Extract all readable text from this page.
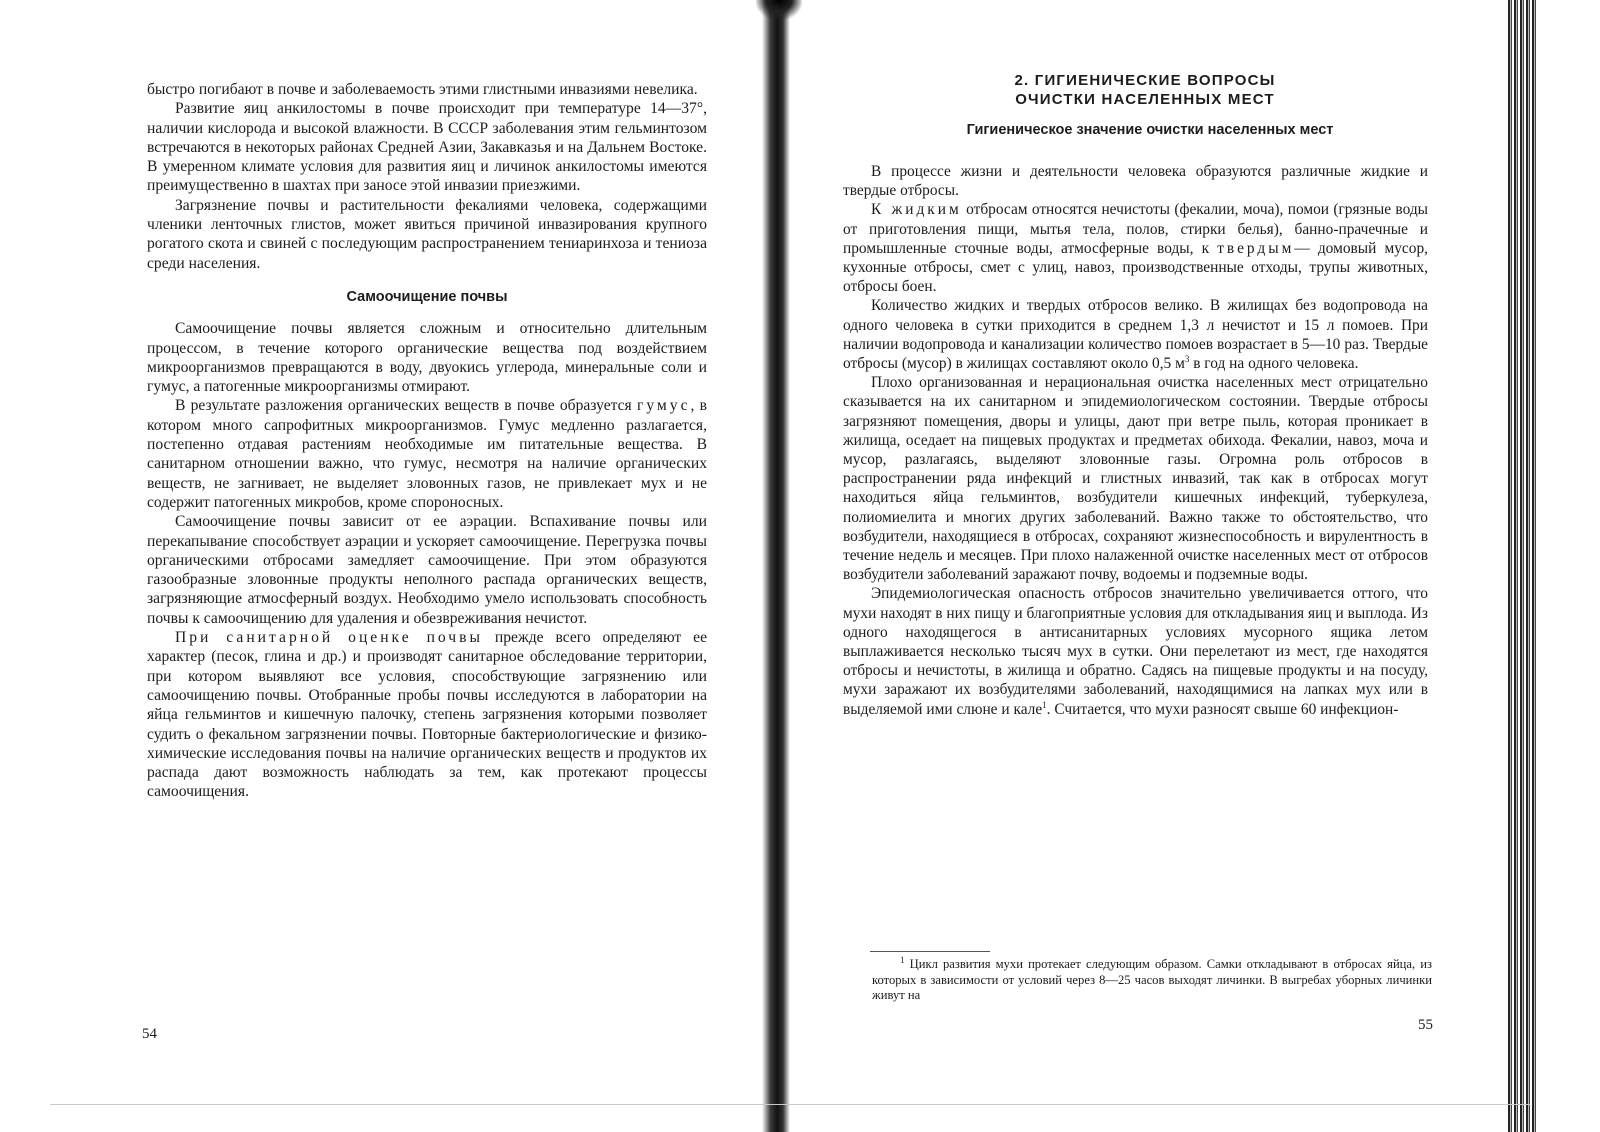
быстро погибают в почве и заболеваемость этими глистными инвазиями невелика.

Развитие яиц анкилостомы в почве происходит при температуре 14—37°, наличии кислорода и высокой влажности. В СССР заболевания этим гельминтозом встречаются в некоторых районах Средней Азии, Закавказья и на Дальнем Востоке. В умеренном климате условия для развития яиц и личинок анкилостомы имеются преимущественно в шахтах при заносе этой инвазии приезжими.

Загрязнение почвы и растительности фекалиями человека, содержащими членики ленточных глистов, может явиться причиной инвазирования крупного рогатого скота и свиней с последующим распространением тениаринхоза и тениоза среди населения.

Самоочищение почвы

Самоочищение почвы является сложным и относительно длительным процессом, в течение которого органические вещества под воздействием микроорганизмов превращаются в воду, двуокись углерода, минеральные соли и гумус, а патогенные микроорганизмы отмирают.

В результате разложения органических веществ в почве образуется гумус, в котором много сапрофитных микроорганизмов. Гумус медленно разлагается, постепенно отдавая растениям необходимые им питательные вещества. В санитарном отношении важно, что гумус, несмотря на наличие органических веществ, не загнивает, не выделяет зловонных газов, не привлекает мух и не содержит патогенных микробов, кроме спороносных.

Самоочищение почвы зависит от ее аэрации. Вспахивание почвы или перекапывание способствует аэрации и ускоряет самоочищение. Перегрузка почвы органическими отбросами замедляет самоочищение. При этом образуются газообразные зловонные продукты неполного распада органических веществ, загрязняющие атмосферный воздух. Необходимо умело использовать способность почвы к самоочищению для удаления и обезвреживания нечистот.

При санитарной оценке почвы прежде всего определяют ее характер (песок, глина и др.) и производят санитарное обследование территории, при котором выявляют все условия, способствующие загрязнению или самоочищению почвы. Отобранные пробы почвы исследуются в лаборатории на яйца гельминтов и кишечную палочку, степень загрязнения которыми позволяет судить о фекальном загрязнении почвы. Повторные бактериологические и физико-химические исследования почвы на наличие органических веществ и продуктов их распада дают возможность наблюдать за тем, как протекают процессы самоочищения.

54
2. ГИГИЕНИЧЕСКИЕ ВОПРОСЫ
ОЧИСТКИ НАСЕЛЕННЫХ МЕСТ
Гигиеническое значение очистки населенных мест

В процессе жизни и деятельности человека образуются различные жидкие и твердые отбросы.

К жидким отбросам относятся нечистоты (фекалии, моча), помои (грязные воды от приготовления пищи, мытья тела, полов, стирки белья), банно-прачечные и промышленные сточные воды, атмосферные воды, к твердым— домовый мусор, кухонные отбросы, смет с улиц, навоз, производственные отходы, трупы животных, отбросы боен.

Количество жидких и твердых отбросов велико. В жилищах без водопровода на одного человека в сутки приходится в среднем 1,3 л нечистот и 15 л помоев. При наличии водопровода и канализации количество помоев возрастает в 5—10 раз. Твердые отбросы (мусор) в жилищах составляют около 0,5 $м^3$ в год на одного человека.

Плохо организованная и нерациональная очистка населенных мест отрицательно сказывается на их санитарном и эпидемиологическом состоянии. Твердые отбросы загрязняют помещения, дворы и улицы, дают при ветре пыль, которая проникает в жилища, оседает на пищевых продуктах и предметах обихода. Фекалии, навоз, моча и мусор, разлагаясь, выделяют зловонные газы. Огромна роль отбросов в распространении ряда инфекций и глистных инвазий, так как в отбросах могут находиться яйца гельминтов, возбудители кишечных инфекций, туберкулеза, полиомиелита и многих других заболеваний. Важно также то обстоятельство, что возбудители, находящиеся в отбросах, сохраняют жизнеспособность и вирулентность в течение недель и месяцев. При плохо налаженной очистке населенных мест от отбросов возбудители заболеваний заражают почву, водоемы и подземные воды.

Эпидемиологическая опасность отбросов значительно увеличивается оттого, что мухи находят в них пищу и благоприятные условия для откладывания яиц и выплода. Из одного находящегося в антисанитарных условиях мусорного ящика летом выплаживается несколько тысяч мух в сутки. Они перелетают из мест, где находятся отбросы и нечистоты, в жилища и обратно. Садясь на пищевые продукты и на посуду, мухи заражают их возбудителями заболеваний, находящимися на лапках мух или в выделяемой ими слюне и кале$^1$. Считается, что мухи разносят свыше 60 инфекцион-

$^1$ Цикл развития мухи протекает следующим образом. Самки откладывают в отбросах яйца, из которых в зависимости от условий через 8—25 часов выходят личинки. В выгребах уборных личинки живут на

55
